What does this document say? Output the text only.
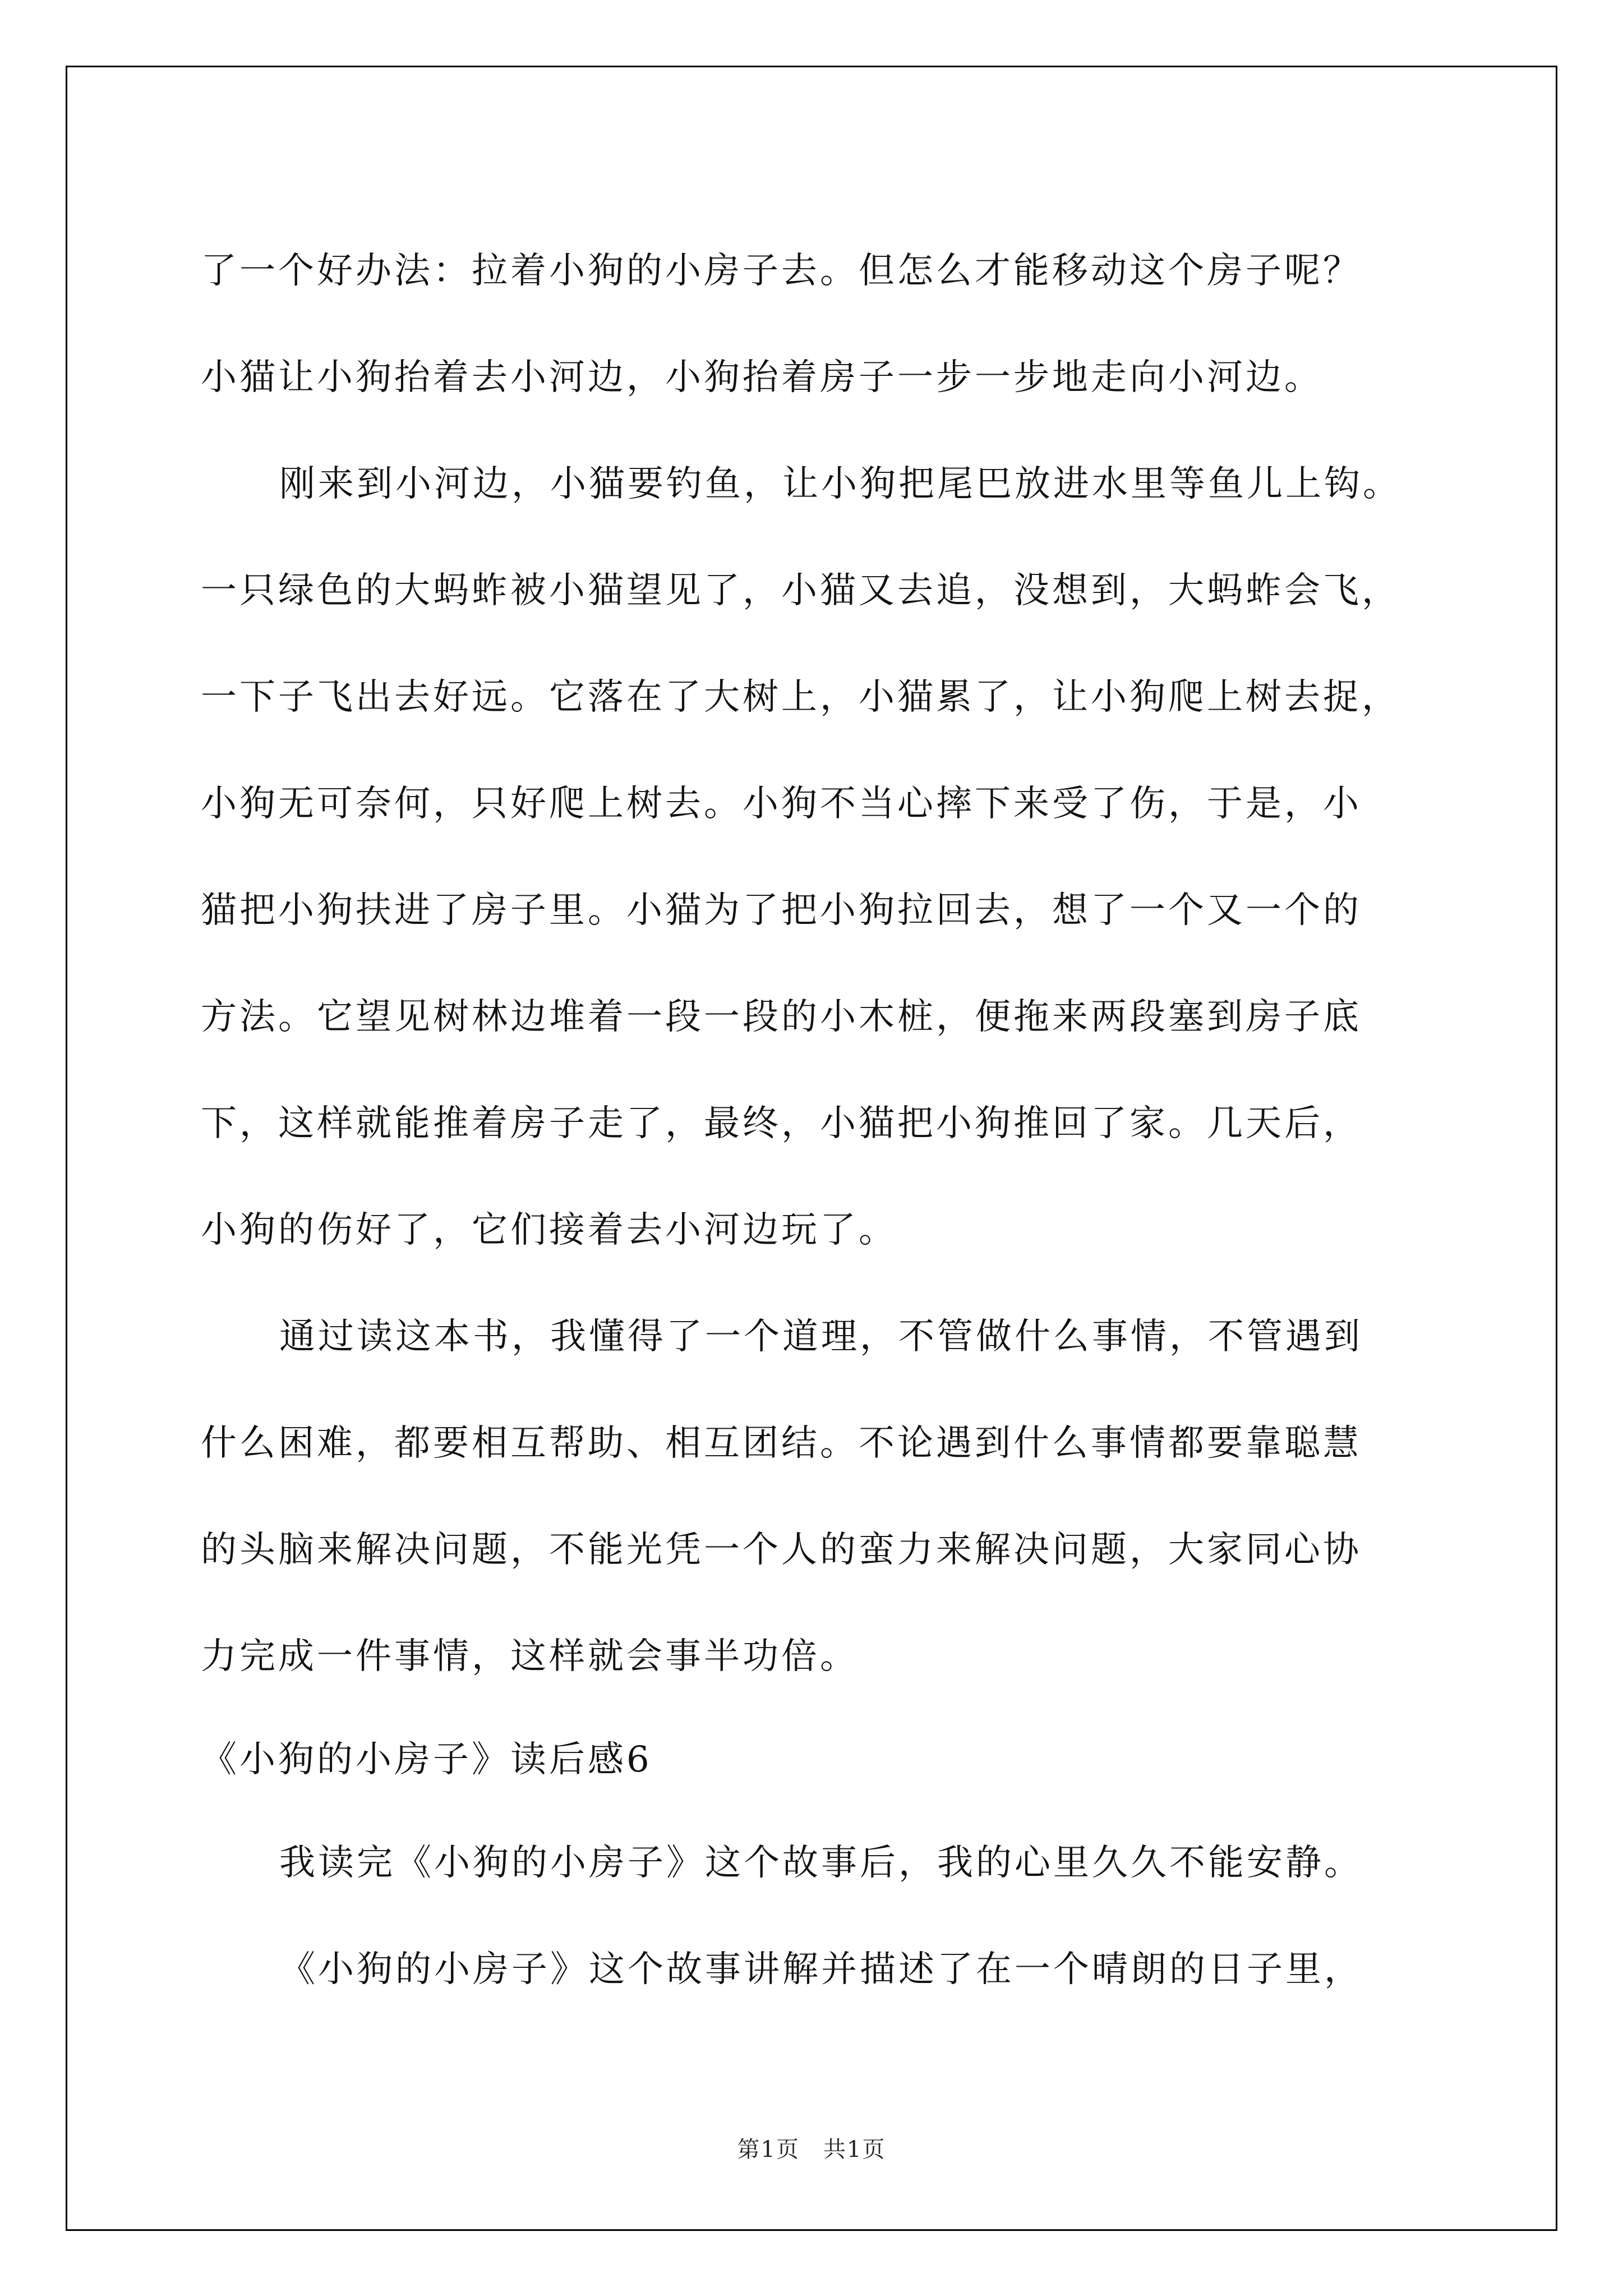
了一个好办法：拉着小狗的小房子去。但怎么才能移动这个房子呢？
小猫让小狗抬着去小河边，小狗抬着房子一步一步地走向小河边。
刚来到小河边，小猫要钓鱼，让小狗把尾巴放进水里等鱼儿上钩。
一只绿色的大蚂蚱被小猫望见了，小猫又去追，没想到，大蚂蚱会飞，
一下子飞出去好远。它落在了大树上，小猫累了，让小狗爬上树去捉，
小狗无可奈何，只好爬上树去。小狗不当心摔下来受了伤，于是，小
猫把小狗扶进了房子里。小猫为了把小狗拉回去，想了一个又一个的
方法。它望见树林边堆着一段一段的小木桩，便拖来两段塞到房子底
下，这样就能推着房子走了，最终，小猫把小狗推回了家。几天后，
小狗的伤好了，它们接着去小河边玩了。
通过读这本书，我懂得了一个道理，不管做什么事情，不管遇到
什么困难，都要相互帮助、相互团结。不论遇到什么事情都要靠聪慧
的头脑来解决问题，不能光凭一个人的蛮力来解决问题，大家同心协
力完成一件事情，这样就会事半功倍。
《小狗的小房子》读后感6
我读完《小狗的小房子》这个故事后，我的心里久久不能安静。
《小狗的小房子》这个故事讲解并描述了在一个晴朗的日子里，
第1页　共1页
